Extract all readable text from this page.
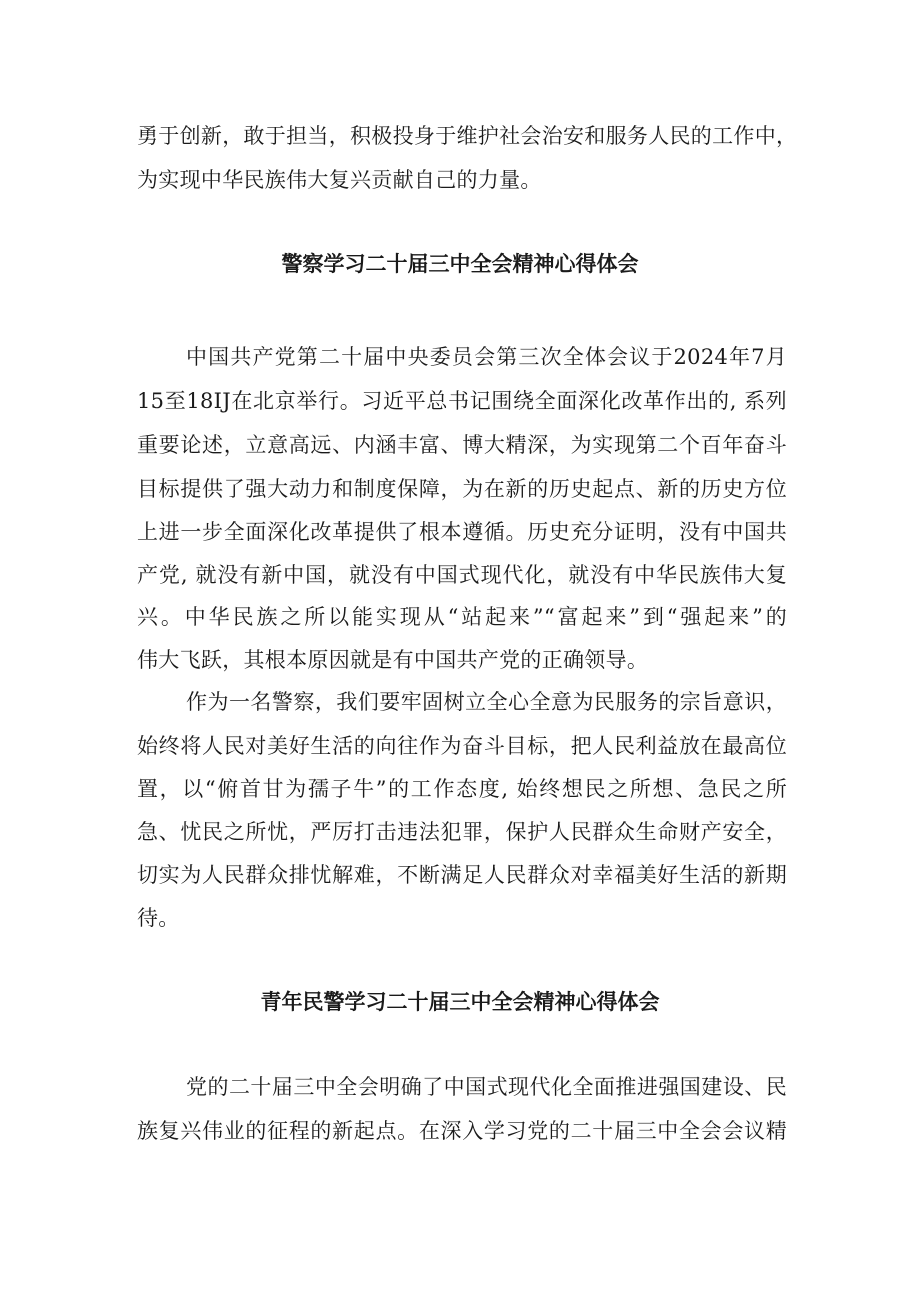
勇于创新，敢于担当，积极投身于维护社会治安和服务人民的工作中，
为实现中华民族伟大复兴贡献自己的力量。
警察学习二十届三中全会精神心得体会
中国共产党第二十届中央委员会第三次全体会议于2024年7月
15至18IJ在北京举行。习近平总书记围绕全面深化改革作出的, 系列
重要论述，立意高远、内涵丰富、博大精深，为实现第二个百年奋斗
目标提供了强大动力和制度保障，为在新的历史起点、新的历史方位
上进一步全面深化改革提供了根本遵循。历史充分证明，没有中国共
产党, 就没有新中国，就没有中国式现代化，就没有中华民族伟大复
兴。中华民族之所以能实现从“站起来”“富起来”到“强起来”的
伟大飞跃，其根本原因就是有中国共产党的正确领导。
作为一名警察，我们要牢固树立全心全意为民服务的宗旨意识，
始终将人民对美好生活的向往作为奋斗目标，把人民利益放在最高位
置，以“俯首甘为孺子牛”的工作态度, 始终想民之所想、急民之所
急、忧民之所忧，严厉打击违法犯罪，保护人民群众生命财产安全，
切实为人民群众排忧解难，不断满足人民群众对幸福美好生活的新期
待。
青年民警学习二十届三中全会精神心得体会
党的二十届三中全会明确了中国式现代化全面推进强国建设、民
族复兴伟业的征程的新起点。在深入学习党的二十届三中全会会议精
